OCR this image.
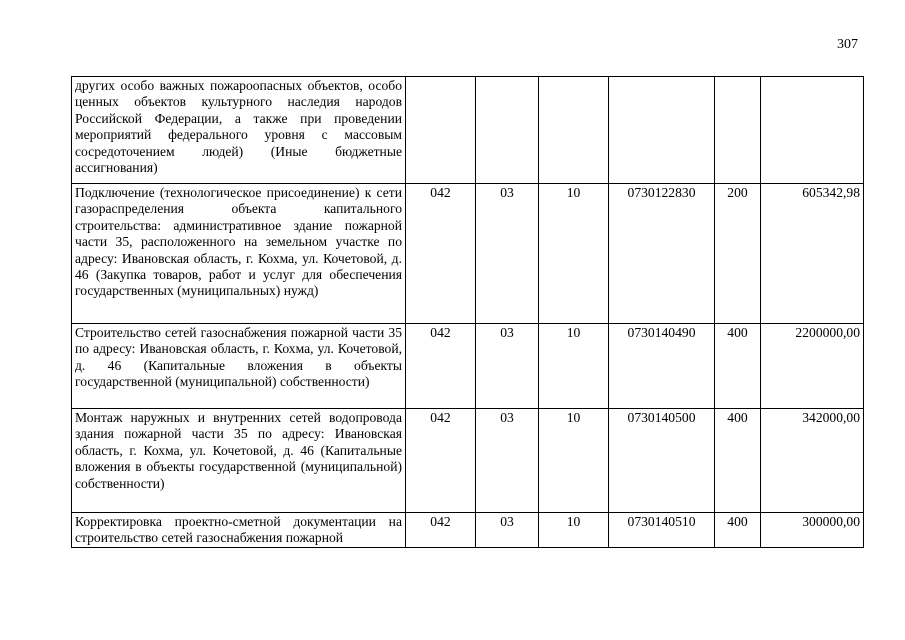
307
других особо важных пожароопасных объектов, особо ценных объектов культурного наследия народов Российской Федерации, а также при проведении мероприятий федерального уровня с массовым сосредоточением людей) (Иные бюджетные ассигнования)						
Подключение (технологическое присоединение) к сети газораспределения объекта капитального строительства: административное здание пожарной части 35, расположенного на земельном участке по адресу: Ивановская область, г. Кохма, ул. Кочетовой, д. 46 (Закупка товаров, работ и услуг для обеспечения государственных (муниципальных) нужд)	042	03	10	0730122830	200	605342,98
Строительство сетей газоснабжения пожарной части 35 по адресу: Ивановская область, г. Кохма, ул. Кочетовой, д. 46 (Капитальные вложения в объекты государственной (муниципальной) собственности)	042	03	10	0730140490	400	2200000,00
Монтаж наружных и внутренних сетей водопровода здания пожарной части 35 по адресу: Ивановская область, г. Кохма, ул. Кочетовой, д. 46 (Капитальные вложения в объекты государственной (муниципальной) собственности)	042	03	10	0730140500	400	342000,00
Корректировка проектно-сметной документации на строительство сетей газоснабжения пожарной	042	03	10	0730140510	400	300000,00
